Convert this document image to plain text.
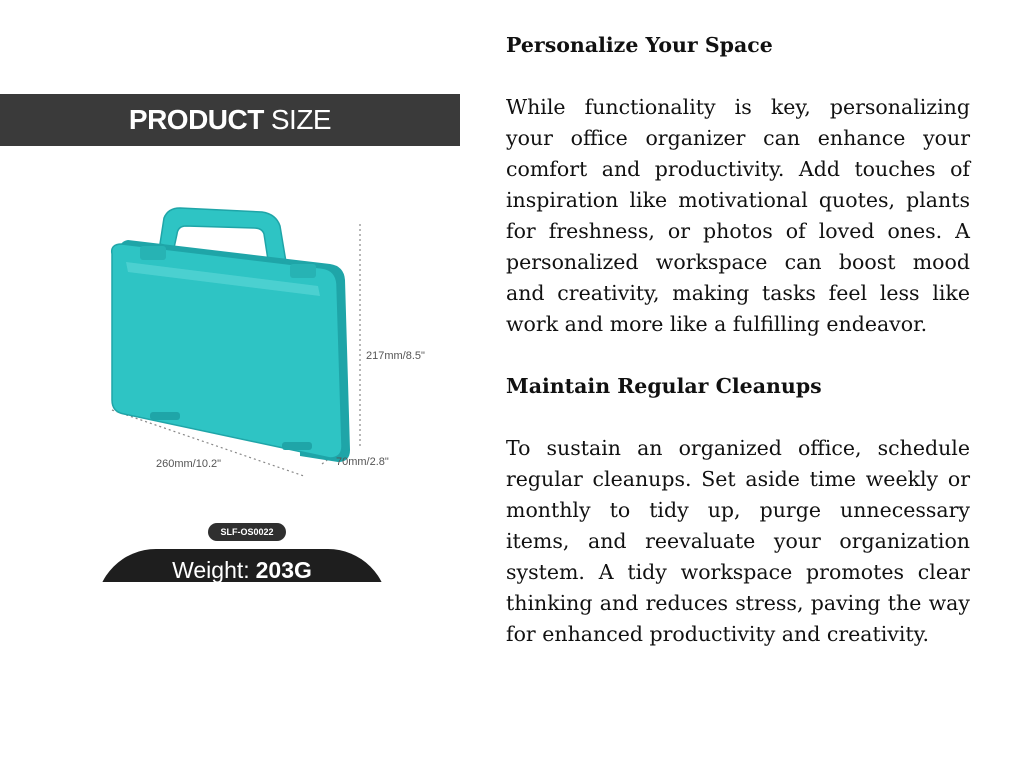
PRODUCT SIZE
217mm/8.5"
260mm/10.2"	70mm/2.8"
SLF-OS0022
Weight: 203G
Personalize Your Space

While functionality is key, personalizing your office organizer can enhance your comfort and productivity. Add touches of inspiration like motivational quotes, plants for freshness, or photos of loved ones. A personalized workspace can boost mood and creativity, making tasks feel less like work and more like a fulfilling endeavor.

Maintain Regular Cleanups

To sustain an organized office, schedule regular cleanups. Set aside time weekly or monthly to tidy up, purge unnecessary items, and reevaluate your organization system. A tidy workspace promotes clear thinking and reduces stress, paving the way for enhanced productivity and creativity.
